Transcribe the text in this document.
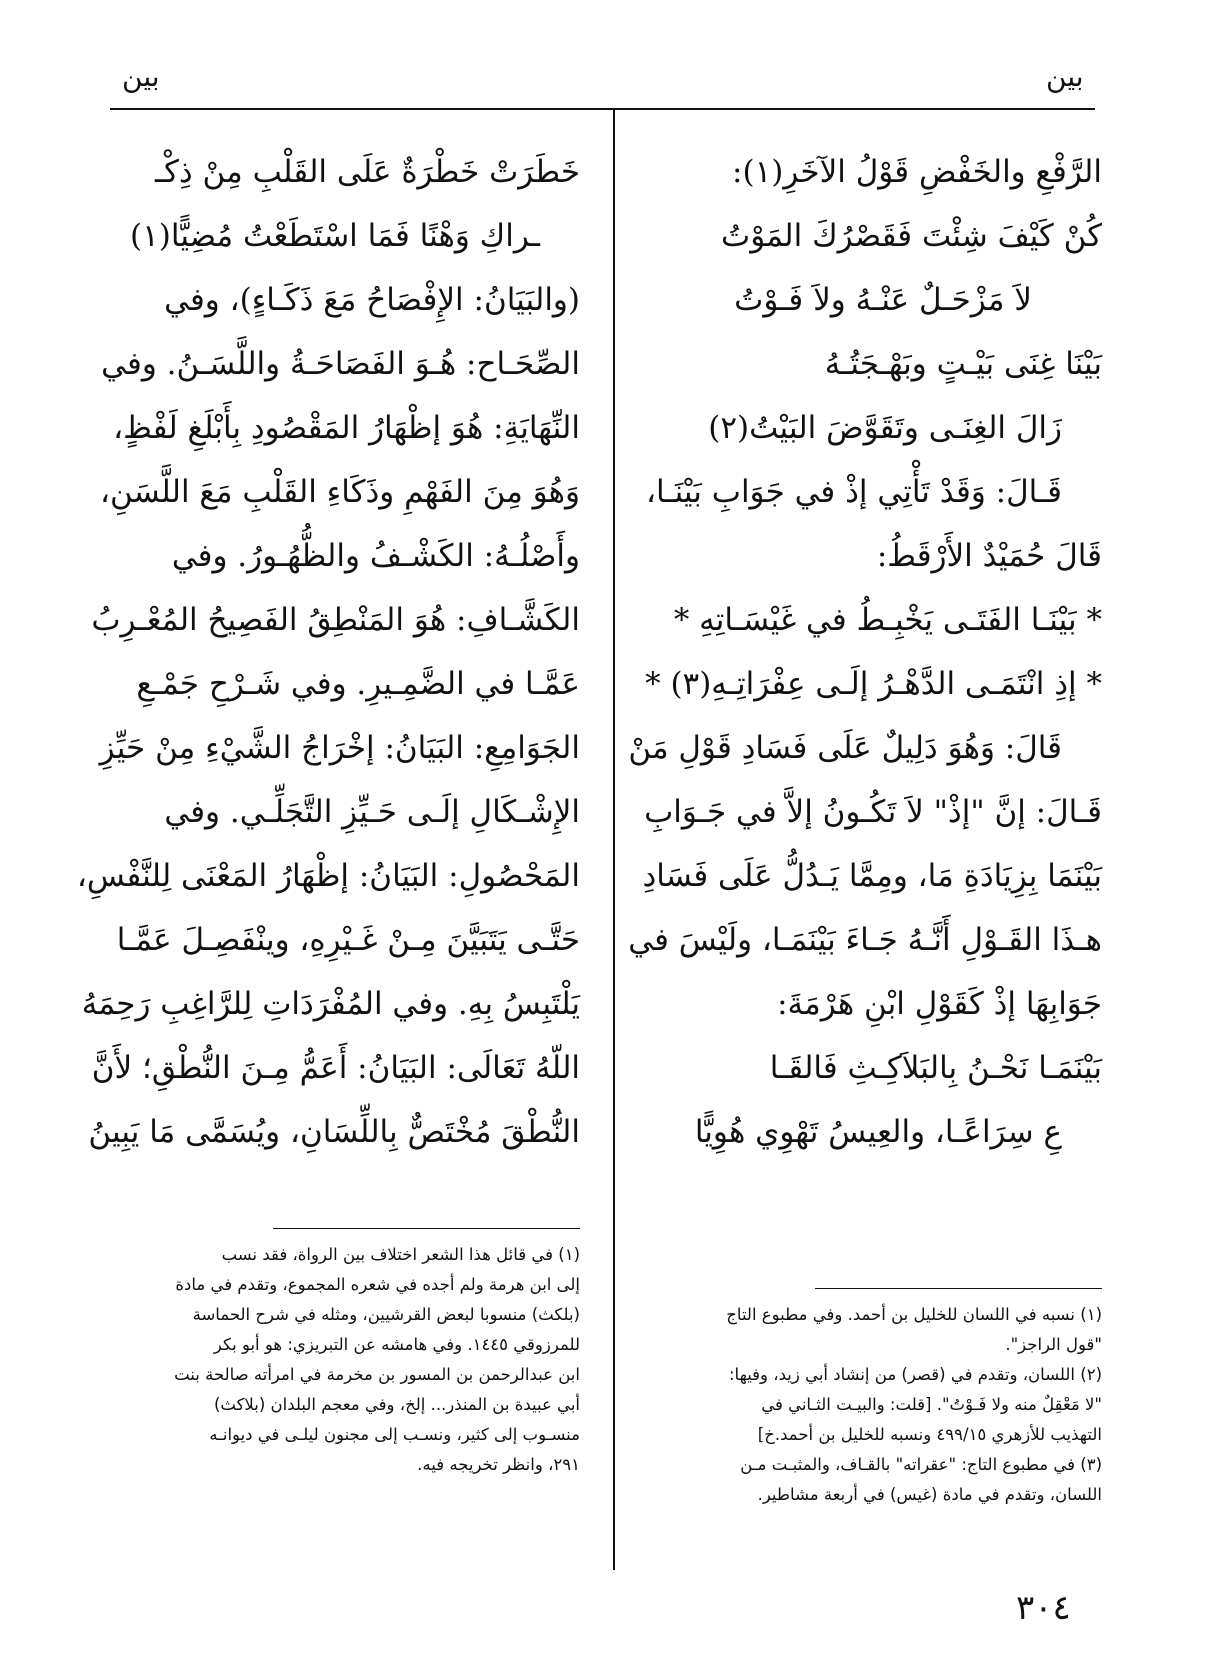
بين
بين
الرَّفْعِ والخَفْضِ قَوْلُ الآخَرِ(١):
كُنْ كَيْفَ شِئْتَ فَقَصْرُكَ المَوْتُ
لاَ مَزْحَـلٌ عَنْـهُ ولاَ فَـوْتُ
بَيْنَا غِنَى بَيْـتٍ وبَهْـجَتُـهُ
زَالَ الغِنَـى وتَقَوَّضَ البَيْتُ(٢)
قَـالَ: وَقَدْ تَأْتِي إذْ في جَوَابِ بَيْنَـا،
قَالَ حُمَيْدٌ الأَرْقَطُ:
* بَيْنَـا الفَتَـى يَخْبِـطُ في غَيْسَـاتِهِ *
* إذِ انْتَمَـى الدَّهْـرُ إلَـى عِفْرَاتِـهِ(٣) *
قَالَ: وَهُوَ دَلِيلٌ عَلَى فَسَادِ قَوْلِ مَنْ
قَـالَ: إنَّ "إذْ" لاَ تَكُـونُ إلاَّ في جَـوَابِ
بَيْنَمَا بِزِيَادَةِ مَا، ومِمَّا يَـدُلُّ عَلَى فَسَادِ
هـذَا القَـوْلِ أَنَّـهُ جَـاءَ بَيْنَمَـا، ولَيْسَ في
جَوَابِهَا إذْ كَقَوْلِ ابْنِ هَرْمَةَ:
بَيْنَمَـا نَحْـنُ بِالبَلاَكِـثِ فَالقَـا
عِ سِرَاعًـا، والعِيسُ تَهْوِي هُوِيًّا
خَطَرَتْ خَطْرَةٌ عَلَى القَلْبِ مِنْ ذِكْـ
ـراكِ وَهْنًا فَمَا اسْتَطَعْتُ مُضِيًّا(١)
(والبَيَانُ: الإِفْصَاحُ مَعَ ذَكَـاءٍ)، وفي
الصِّحَـاح: هُـوَ الفَصَاحَـةُ واللَّسَـنُ. وفي
النِّهَايَةِ: هُوَ إظْهَارُ المَقْصُودِ بِأَبْلَغِ لَفْظٍ،
وَهُوَ مِنَ الفَهْمِ وذَكَاءِ القَلْبِ مَعَ اللَّسَنِ،
وأَصْلُـهُ: الكَشْـفُ والظُّهُـورُ. وفي
الكَشَّـافِ: هُوَ المَنْطِقُ الفَصِيحُ المُعْـرِبُ
عَمَّـا في الضَّمِـيرِ. وفي شَـرْحِ جَمْـعِ
الجَوَامِعِ: البَيَانُ: إخْرَاجُ الشَّيْءِ مِنْ حَيِّزِ
الإِشْـكَالِ إلَـى حَـيِّزِ التَّجَلِّـي. وفي
المَحْصُولِ: البَيَانُ: إظْهَارُ المَعْنَى لِلنَّفْسِ،
حَتَّـى يَتَبَيَّنَ مِـنْ غَـيْرِهِ، وينْفَصِـلَ عَمَّـا
يَلْتَبِسُ بِهِ. وفي المُفْرَدَاتِ لِلرَّاغِبِ رَحِمَهُ
اللّهُ تَعَالَى: البَيَانُ: أَعَمُّ مِـنَ النُّطْقِ؛ لأَنَّ
النُّطْقَ مُخْتَصٌّ بِاللِّسَانِ، ويُسَمَّى مَا يَبِينُ
(١) نسبه في اللسان للخليل بن أحمد. وفي مطبوع التاج
"قول الراجز".
(٢) اللسان، وتقدم في (قصر) من إنشاد أبي زيد، وفيها:
"لا مَعْقِلٌ منه ولا فَـوْتُ". [قلت: والبيـت الثـاني في
التهذيب للأزهري ٤٩٩/١٥ ونسبه للخليل بن أحمد.خ]
(٣) في مطبوع التاج: "عقراته" بالقـاف، والمثبـت مـن
اللسان، وتقدم في مادة (غيس) في أربعة مشاطير.
(١) في قائل هذا الشعر اختلاف بين الرواة، فقد نسب
إلى ابن هرمة ولم أجده في شعره المجموع، وتقدم في مادة
(بلكث) منسوبا لبعض القرشيين، ومثله في شرح الحماسة
للمرزوقي ١٤٤٥. وفي هامشه عن التبريزي: هو أبو بكر
ابن عبدالرحمن بن المسور بن مخرمة في امرأته صالحة بنت
أبي عبيدة بن المنذر... إلخ، وفي معجم البلدان (بلاكث)
منسـوب إلى كثير، ونسـب إلى مجنون ليلـى في ديوانـه
٢٩١، وانظر تخريجه فيه.
٣٠٤
